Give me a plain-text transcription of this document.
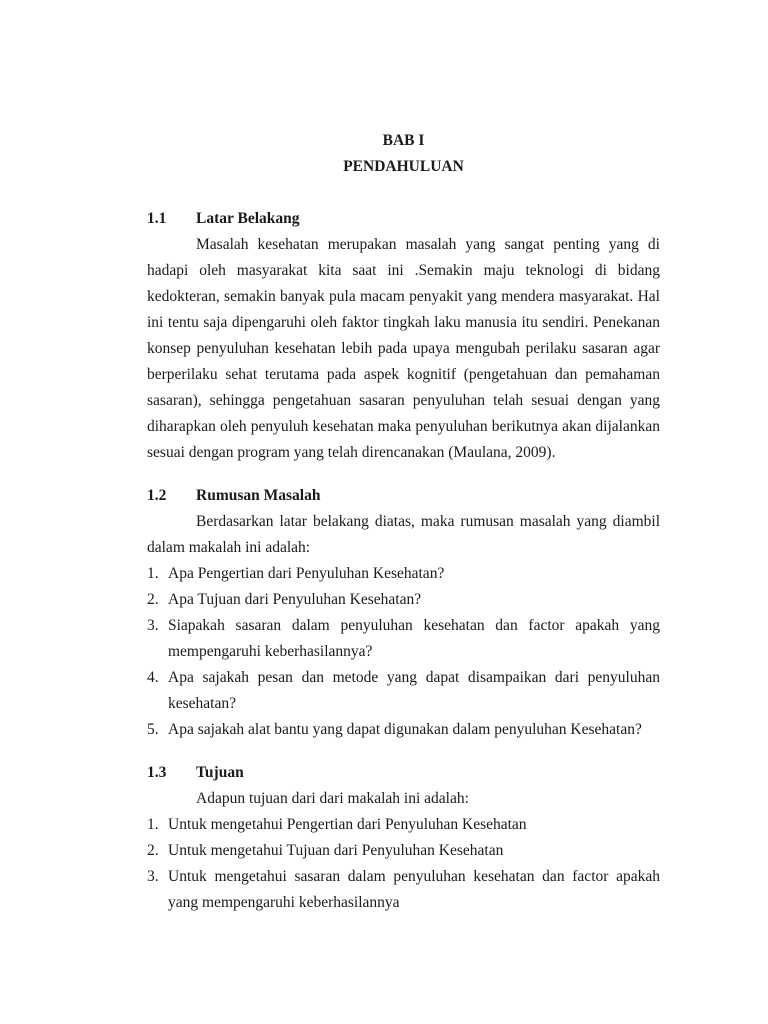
BAB I
PENDAHULUAN
1.1 Latar Belakang

Masalah kesehatan merupakan masalah yang sangat penting yang di hadapi oleh masyarakat kita saat ini .Semakin maju teknologi di bidang kedokteran, semakin banyak pula macam penyakit yang mendera masyarakat. Hal ini tentu saja dipengaruhi oleh faktor tingkah laku manusia itu sendiri. Penekanan konsep penyuluhan kesehatan lebih pada upaya mengubah perilaku sasaran agar berperilaku sehat terutama pada aspek kognitif (pengetahuan dan pemahaman sasaran), sehingga pengetahuan sasaran penyuluhan telah sesuai dengan yang diharapkan oleh penyuluh kesehatan maka penyuluhan berikutnya akan dijalankan sesuai dengan program yang telah direncanakan (Maulana, 2009).

1.2 Rumusan Masalah

Berdasarkan latar belakang diatas, maka rumusan masalah yang diambil dalam makalah ini adalah:

1. Apa Pengertian dari Penyuluhan Kesehatan?
2. Apa Tujuan dari Penyuluhan Kesehatan?
3. Siapakah sasaran dalam penyuluhan kesehatan dan factor apakah yang mempengaruhi keberhasilannya?
4. Apa sajakah pesan dan metode yang dapat disampaikan dari penyuluhan kesehatan?
5. Apa sajakah alat bantu yang dapat digunakan dalam penyuluhan Kesehatan?
1.3 Tujuan

Adapun tujuan dari dari makalah ini adalah:

1. Untuk mengetahui Pengertian dari Penyuluhan Kesehatan
2. Untuk mengetahui Tujuan dari Penyuluhan Kesehatan
3. Untuk mengetahui sasaran dalam penyuluhan kesehatan dan factor apakah yang mempengaruhi keberhasilannya
